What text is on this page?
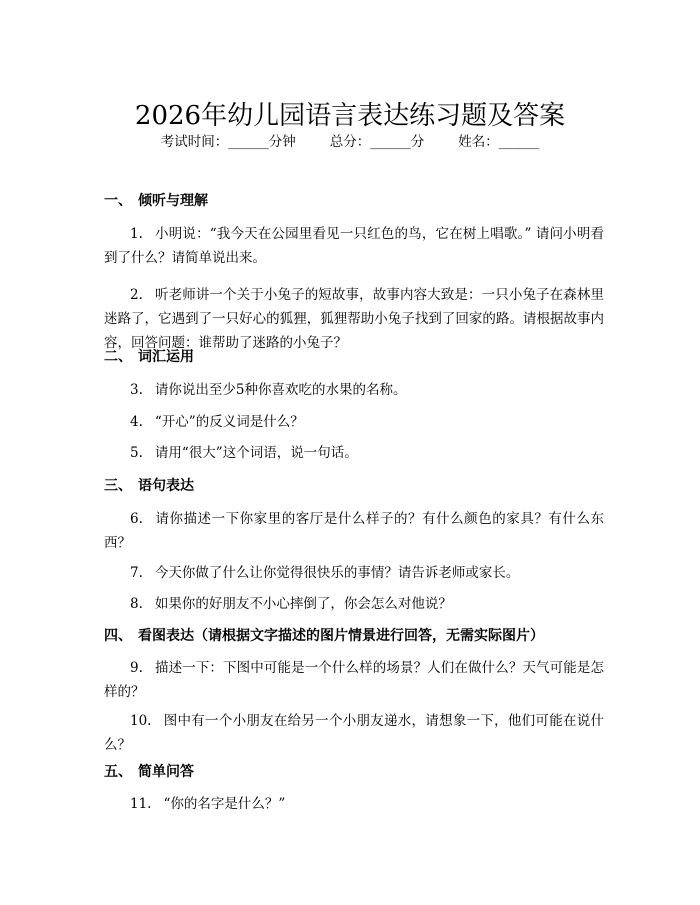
2026年幼儿园语言表达练习题及答案
考试时间：______分钟	总分：______分	姓名：______
一、 倾听与理解
1. 小明说：“我今天在公园里看见一只红色的鸟，它在树上唱歌。” 请问小明看到了什么？请简单说出来。
2. 听老师讲一个关于小兔子的短故事，故事内容大致是：一只小兔子在森林里迷路了，它遇到了一只好心的狐狸，狐狸帮助小兔子找到了回家的路。请根据故事内容，回答问题：谁帮助了迷路的小兔子？
二、 词汇运用
3. 请你说出至少5种你喜欢吃的水果的名称。
4. “开心”的反义词是什么？
5. 请用“很大”这个词语，说一句话。
三、 语句表达
6. 请你描述一下你家里的客厅是什么样子的？有什么颜色的家具？有什么东西？
7. 今天你做了什么让你觉得很快乐的事情？请告诉老师或家长。
8. 如果你的好朋友不小心摔倒了，你会怎么对他说？
四、 看图表达（请根据文字描述的图片情景进行回答，无需实际图片）
9. 描述一下：下图中可能是一个什么样的场景？人们在做什么？天气可能是怎样的？
10. 图中有一个小朋友在给另一个小朋友递水，请想象一下，他们可能在说什么？
五、 简单问答
11. “你的名字是什么？”
